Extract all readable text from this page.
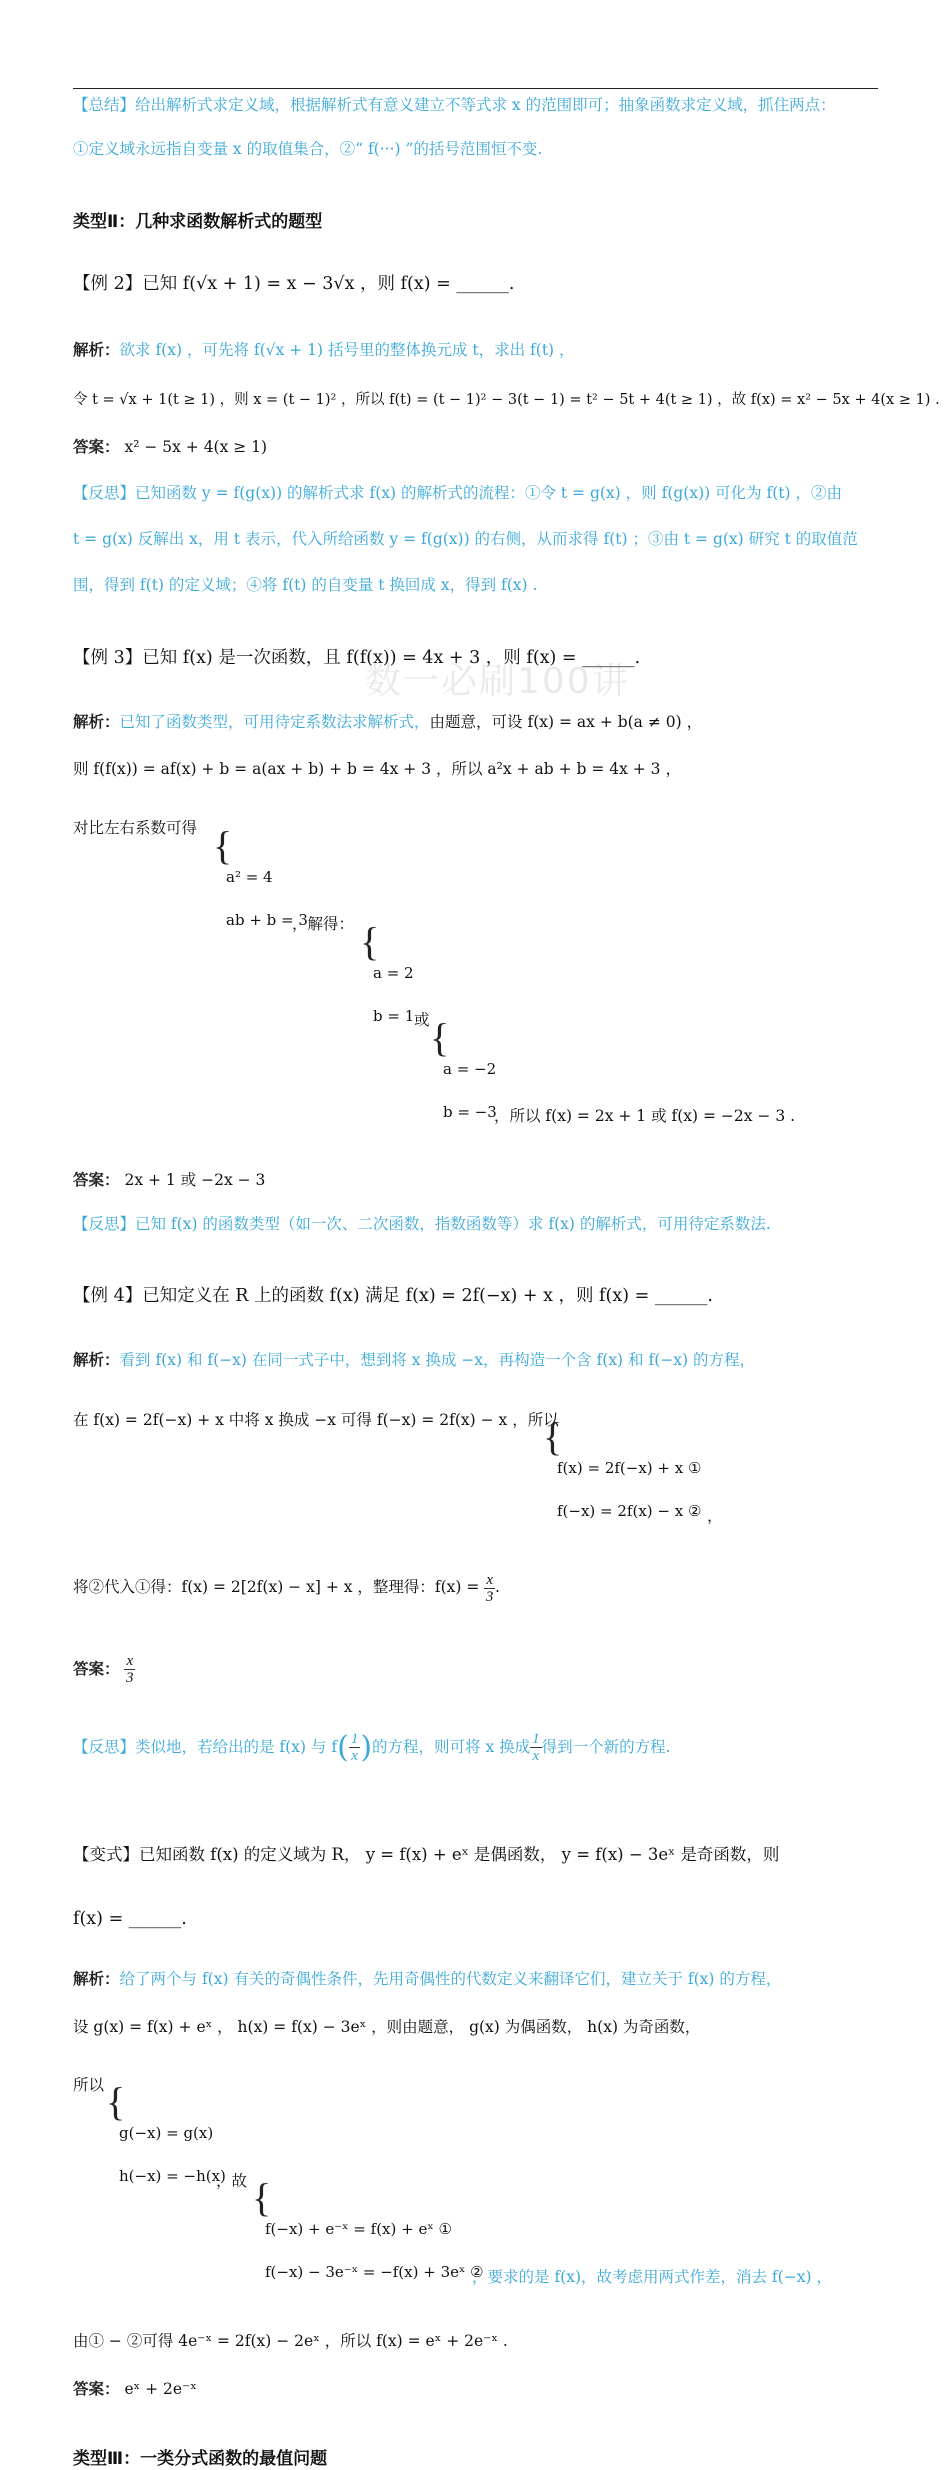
数一必刷100讲
【总结】给出解析式求定义域，根据解析式有意义建立不等式求 x 的范围即可；抽象函数求定义域，抓住两点：
①定义域永远指自变量 x 的取值集合，②“ f(···) ”的括号范围恒不变.
类型Ⅱ：几种求函数解析式的题型
【例 2】已知 f(√x + 1) = x − 3√x ，则 f(x) = ______.
解析：欲求 f(x) ，可先将 f(√x + 1) 括号里的整体换元成 t，求出 f(t) ，
令 t = √x + 1(t ≥ 1) ，则 x = (t − 1)² ，所以 f(t) = (t − 1)² − 3(t − 1) = t² − 5t + 4(t ≥ 1) ，故 f(x) = x² − 5x + 4(x ≥ 1) .
答案： x² − 5x + 4(x ≥ 1)
【反思】已知函数 y = f(g(x)) 的解析式求 f(x) 的解析式的流程：①令 t = g(x) ，则 f(g(x)) 可化为 f(t) ，②由
t = g(x) 反解出 x，用 t 表示，代入所给函数 y = f(g(x)) 的右侧，从而求得 f(t) ；③由 t = g(x) 研究 t 的取值范
围，得到 f(t) 的定义域；④将 f(t) 的自变量 t 换回成 x，得到 f(x) .
【例 3】已知 f(x) 是一次函数，且 f(f(x)) = 4x + 3 ，则 f(x) = ______.
解析：已知了函数类型，可用待定系数法求解析式，由题意，可设 f(x) = ax + b(a ≠ 0) ，
则 f(f(x)) = af(x) + b = a(ax + b) + b = 4x + 3 ，所以 a²x + ab + b = 4x + 3 ，
对比左右系数可得 {
a² = 4
ab + b = 3
，解得： {
a = 2
b = 1 或 {
a = −2
b = −3
，所以 f(x) = 2x + 1 或 f(x) = −2x − 3 .
答案： 2x + 1 或 −2x − 3
【反思】已知 f(x) 的函数类型（如一次、二次函数，指数函数等）求 f(x) 的解析式，可用待定系数法.
【例 4】已知定义在 R 上的函数 f(x) 满足 f(x) = 2f(−x) + x ，则 f(x) = ______.
解析：看到 f(x) 和 f(−x) 在同一式子中，想到将 x 换成 −x，再构造一个含 f(x) 和 f(−x) 的方程，
在 f(x) = 2f(−x) + x 中将 x 换成 −x 可得 f(−x) = 2f(x) − x ，所以
{
f(x) = 2f(−x) + x ①
f(−x) = 2f(x) − x ② ，
将②代入①得：f(x) = 2[2f(x) − x] + x ，整理得：$f(x) = \frac{x}{3}$ .
答案： $\frac{x}{3}$
【反思】类似地，若给出的是 f(x) 与 $f( \frac{1}{x}$ )的方程，则可将 x 换成 $\frac{1}{x}$ 得到一个新的方程.
【变式】已知函数 f(x) 的定义域为 R， y = f(x) + eˣ 是偶函数， y = f(x) − 3eˣ 是奇函数，则
f(x) = ______.
解析：给了两个与 f(x) 有关的奇偶性条件，先用奇偶性的代数定义来翻译它们，建立关于 f(x) 的方程，
设 g(x) = f(x) + eˣ ， h(x) = f(x) − 3eˣ ，则由题意， g(x) 为偶函数， h(x) 为奇函数，
所以 {
g(−x) = g(x)
h(−x) = −h(x)
，故 {
f(−x) + e⁻ˣ = f(x) + eˣ ①
f(−x) − 3e⁻ˣ = −f(x) + 3eˣ ②
，要求的是 f(x)，故考虑用两式作差，消去 f(−x) ，
由① − ②可得 4e⁻ˣ = 2f(x) − 2eˣ ，所以 f(x) = eˣ + 2e⁻ˣ .
答案： eˣ + 2e⁻ˣ
类型Ⅲ：一类分式函数的最值问题
